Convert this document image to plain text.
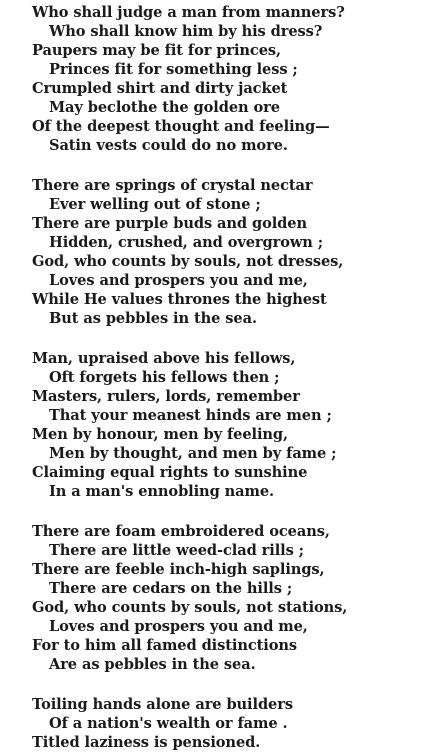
Who shall judge a man from manners?
Who shall know him by his dress?
Paupers may be fit for princes,
Princes fit for something less ;
Crumpled shirt and dirty jacket
May beclothe the golden ore
Of the deepest thought and feeling—
Satin vests could do no more.
There are springs of crystal nectar
Ever welling out of stone ;
There are purple buds and golden
Hidden, crushed, and overgrown ;
God, who counts by souls, not dresses,
Loves and prospers you and me,
While He values thrones the highest
But as pebbles in the sea.
Man, upraised above his fellows,
Oft forgets his fellows then ;
Masters, rulers, lords, remember
That your meanest hinds are men ;
Men by honour, men by feeling,
Men by thought, and men by fame ;
Claiming equal rights to sunshine
In a man's ennobling name.
There are foam embroidered oceans,
There are little weed-clad rills ;
There are feeble inch-high saplings,
There are cedars on the hills ;
God, who counts by souls, not stations,
Loves and prospers you and me,
For to him all famed distinctions
Are as pebbles in the sea.
Toiling hands alone are builders
Of a nation's wealth or fame .
Titled laziness is pensioned.
